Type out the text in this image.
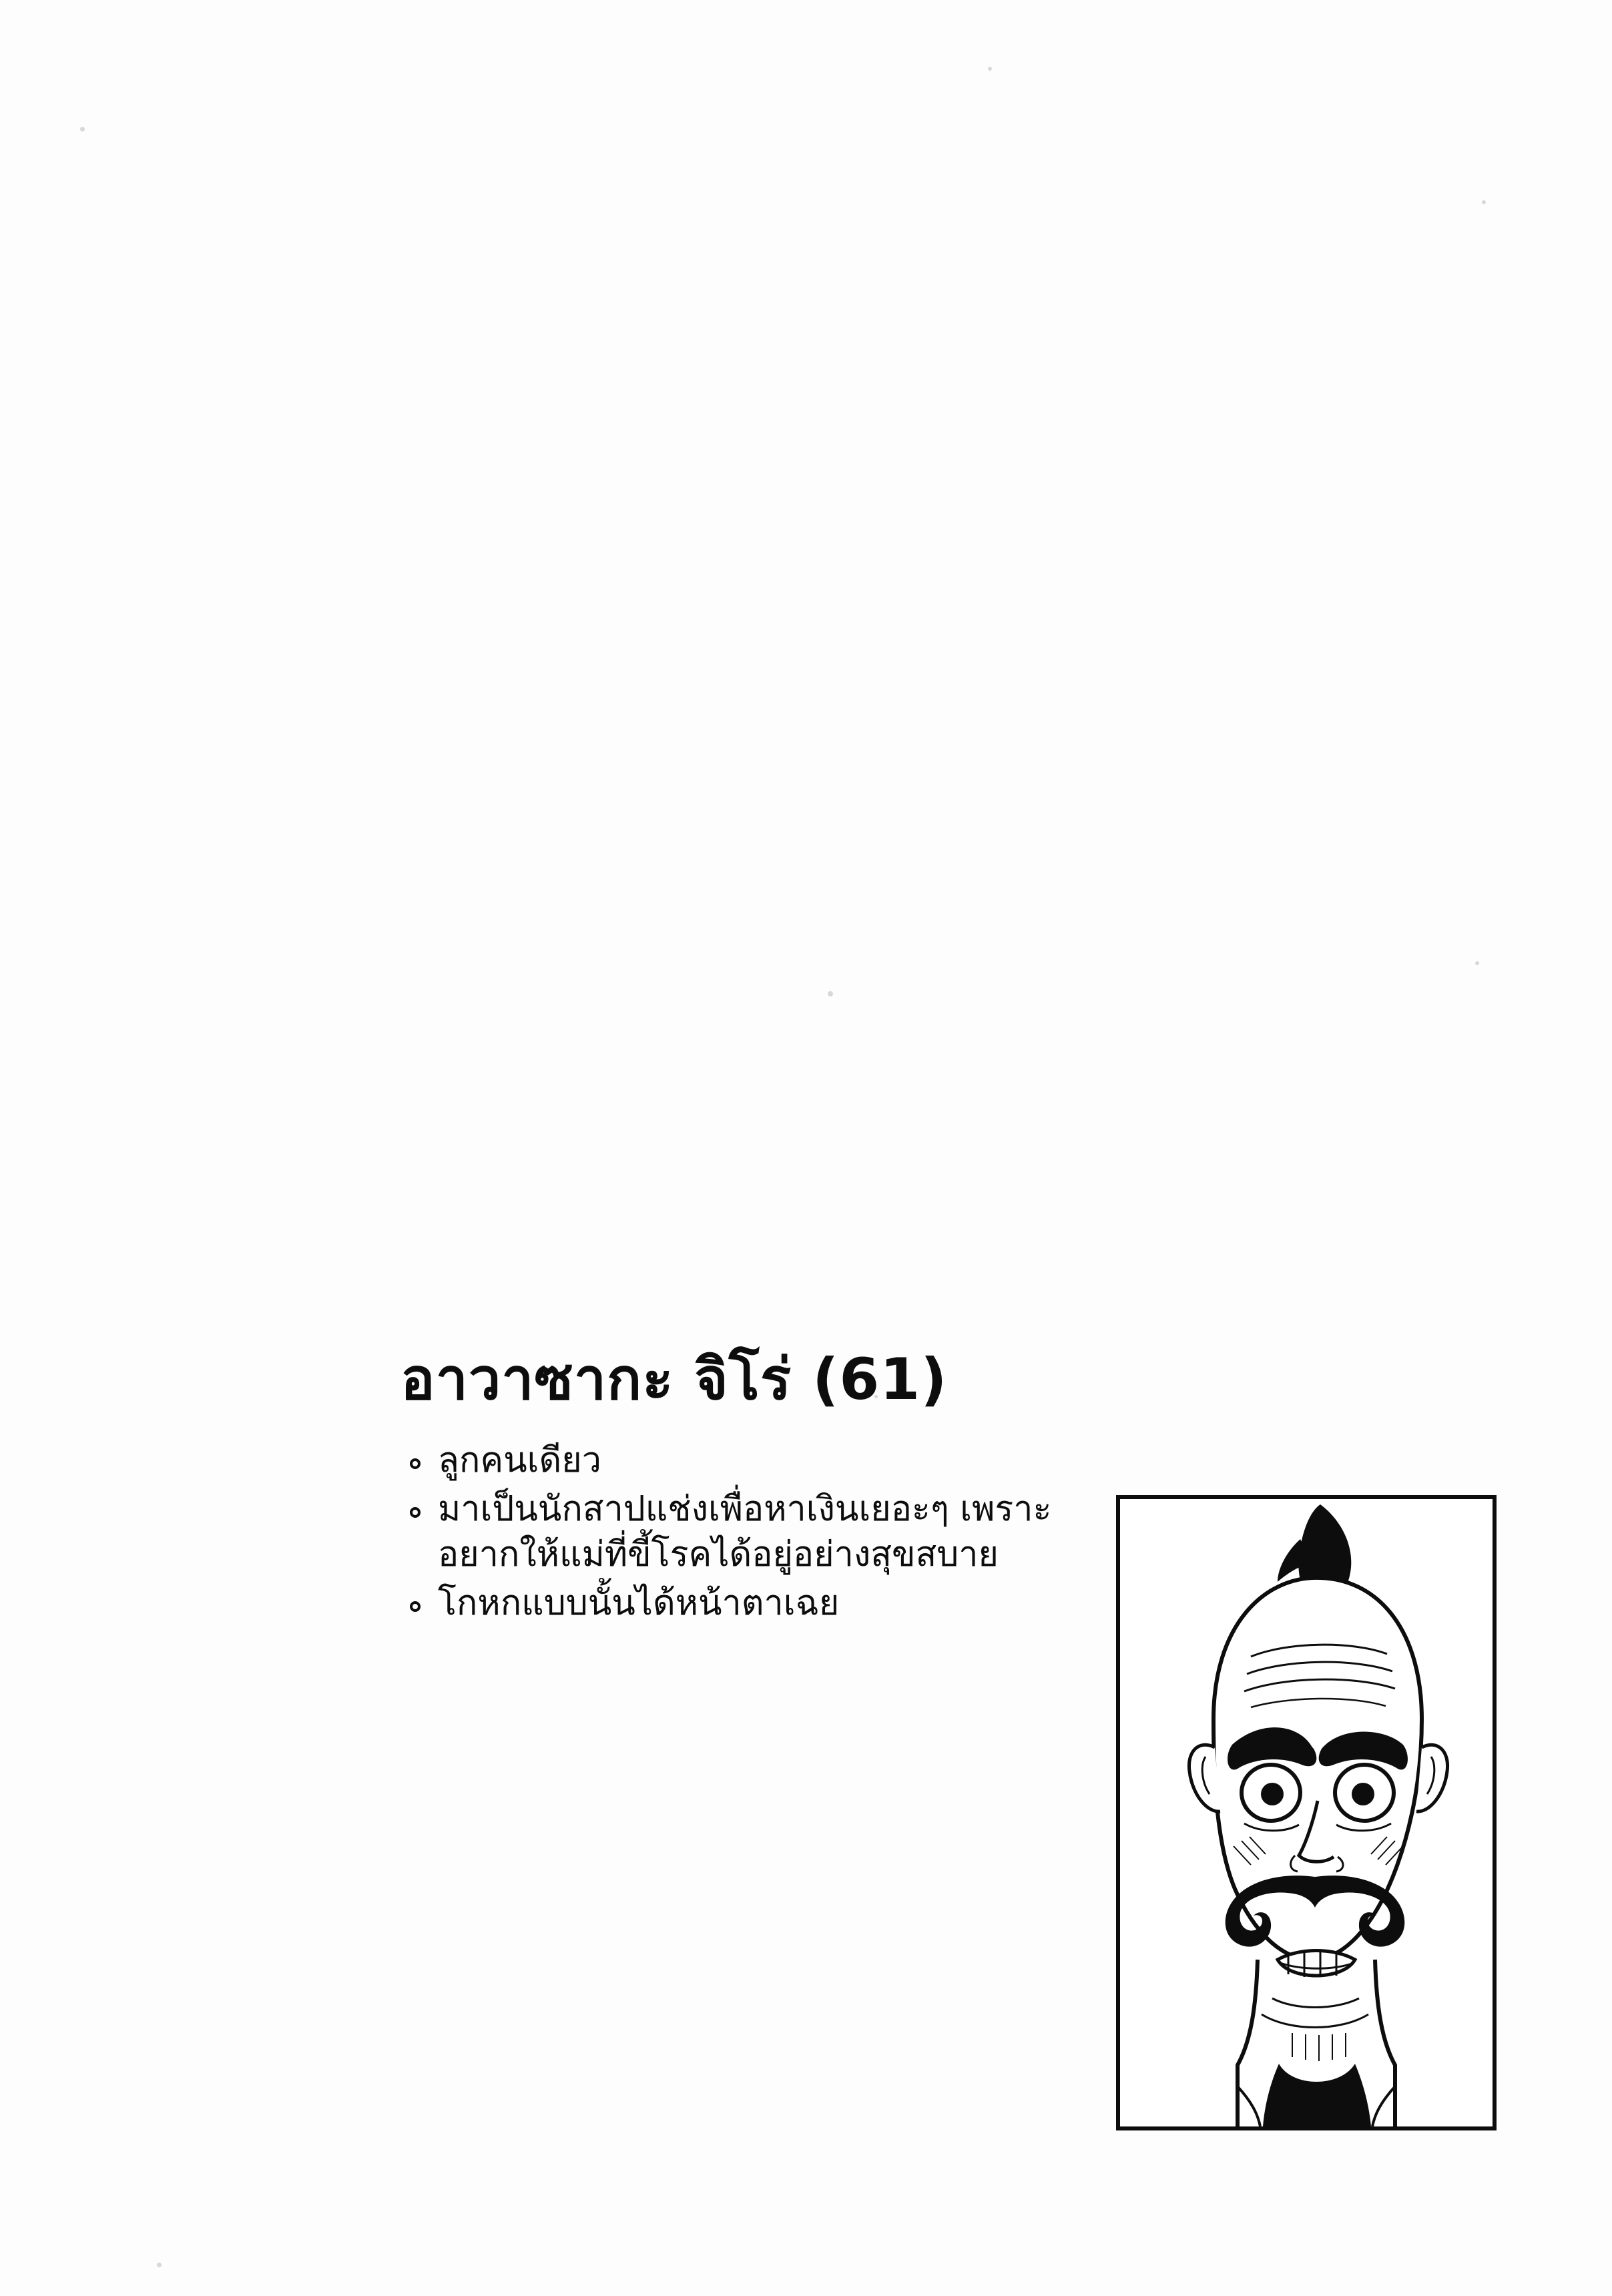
อาวาซากะ จิโร่ (61)
ลูกคนเดียว
มาเป็นนักสาปแช่งเพื่อหาเงินเยอะๆ เพราะอยากให้แม่ที่ขี้โรคได้อยู่อย่างสุขสบาย
โกหกแบบนั้นได้หน้าตาเฉย
